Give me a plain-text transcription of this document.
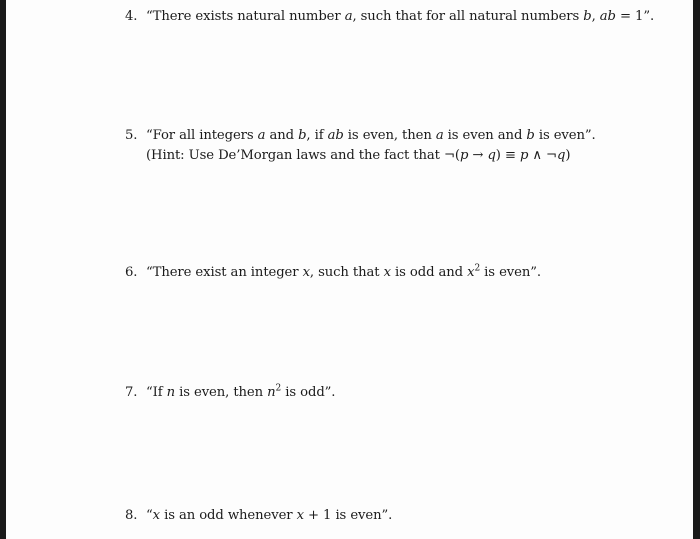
4. “There exists natural number a, such that for all natural numbers b, ab = 1”.
5. “For all integers a and b, if ab is even, then a is even and b is even”.
(Hint: Use De’Morgan laws and the fact that ¬(p → q) ≡ p ∧ ¬q)
6. “There exist an integer x, such that x is odd and $x^2$ is even”.
7. “If n is even, then $n^2$ is odd”.
8. “x is an odd whenever x + 1 is even”.
